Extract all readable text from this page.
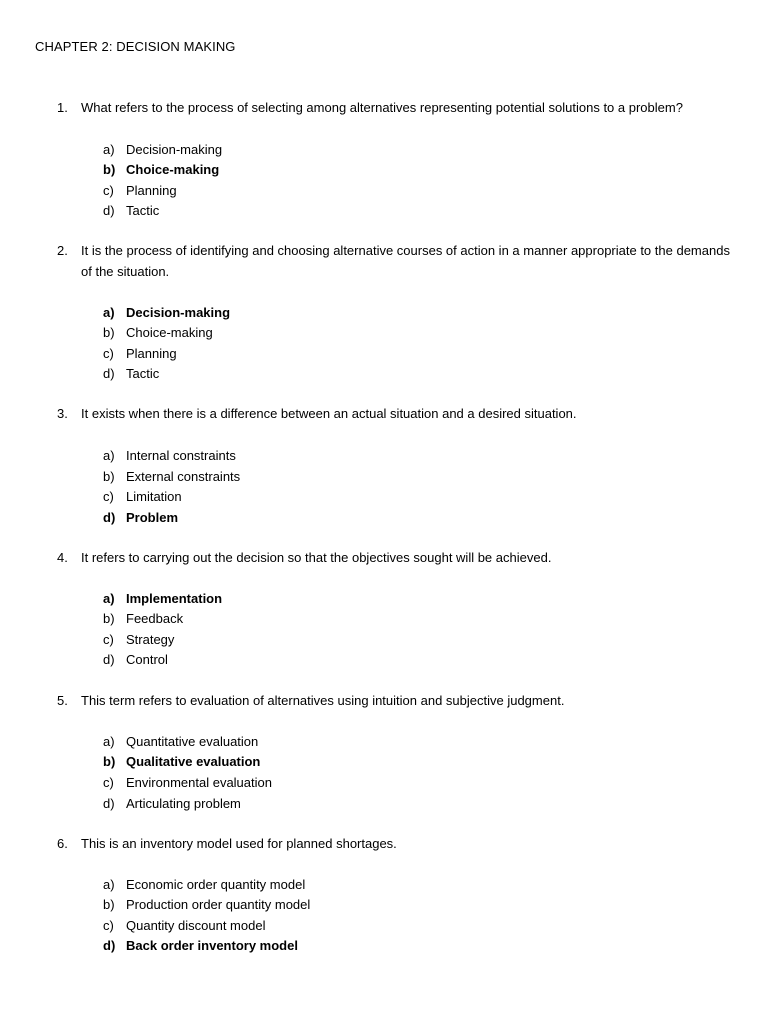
CHAPTER 2: DECISION MAKING
1. What refers to the process of selecting among alternatives representing potential solutions to a problem?
a) Decision-making
b) Choice-making
c) Planning
d) Tactic
2. It is the process of identifying and choosing alternative courses of action in a manner appropriate to the demands of the situation.
a) Decision-making
b) Choice-making
c) Planning
d) Tactic
3. It exists when there is a difference between an actual situation and a desired situation.
a) Internal constraints
b) External constraints
c) Limitation
d) Problem
4. It refers to carrying out the decision so that the objectives sought will be achieved.
a) Implementation
b) Feedback
c) Strategy
d) Control
5. This term refers to evaluation of alternatives using intuition and subjective judgment.
a) Quantitative evaluation
b) Qualitative evaluation
c) Environmental evaluation
d) Articulating problem
6. This is an inventory model used for planned shortages.
a) Economic order quantity model
b) Production order quantity model
c) Quantity discount model
d) Back order inventory model
